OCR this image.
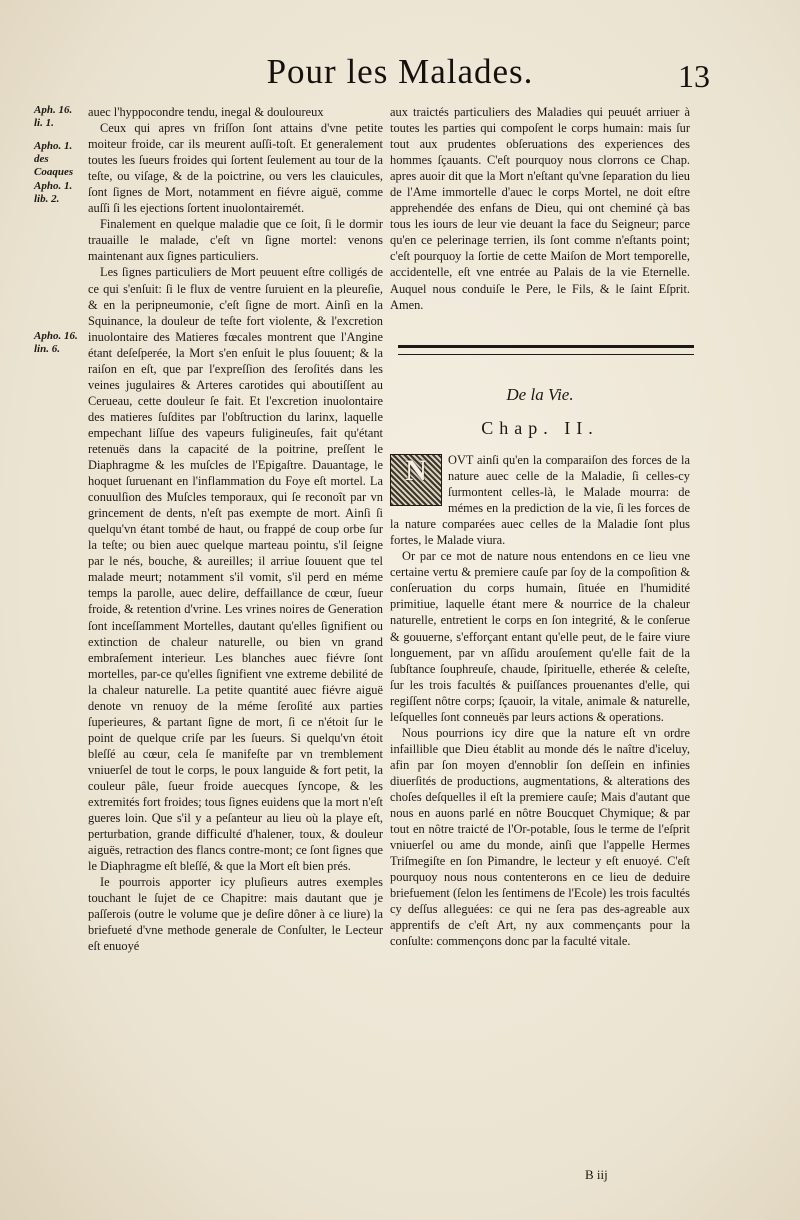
Pour les Malades.	13
Aph. 16.
li. 1.
Apho. 1.
des Coaques
Apho. 1.
lib. 2.
Apho. 16.
lin. 6.

auec l'hyppocondre tendu, inegal & douloureux

Ceux qui apres vn friſſon ſont attains d'vne petite moiteur froide, car ils meurent auſſi-toſt. Et generalement toutes les ſueurs froides qui ſortent ſeulement au tour de la teſte, ou viſage, & de la poictrine, ou vers les clauicules, ſont ſignes de Mort, notamment en fiévre aiguë, comme auſſi ſi les ejections ſortent inuolontairemét.

Finalement en quelque maladie que ce ſoit, ſi le dormir trauaille le malade, c'eſt vn ſigne mortel: venons maintenant aux ſignes particuliers.

Les ſignes particuliers de Mort peuuent eſtre colligés de ce qui s'enſuit: ſi le flux de ventre ſuruient en la pleureſie, & en la peripneumonie, c'eſt ſigne de mort. Ainſi en la Squinance, la douleur de teſte fort violente, & l'excretion inuolontaire des Matieres fœcales montrent que l'Angine étant deſeſperée, la Mort s'en enſuit le plus ſouuent; & la raiſon en eſt, que par l'expreſſion des ſeroſités dans les veines jugulaires & Arteres carotides qui aboutiſſent au Cerueau, cette douleur ſe fait. Et l'excretion inuolontaire des matieres ſuſdites par l'obſtruction du larinx, laquelle empechant liſſue des vapeurs fuligineuſes, fait qu'étant retenuës dans la capacité de la poitrine, preſſent le Diaphragme & les muſcles de l'Epigaſtre. Dauantage, le hoquet ſuruenant en l'inflammation du Foye eſt mortel. La conuulſion des Muſcles temporaux, qui ſe reconoît par vn grincement de dents, n'eſt pas exempte de mort. Ainſi ſi quelqu'vn étant tombé de haut, ou frappé de coup orbe ſur la teſte; ou bien auec quelque marteau pointu, s'il ſeigne par le nés, bouche, & aureilles; il arriue ſouuent que tel malade meurt; notamment s'il vomit, s'il perd en méme temps la parolle, auec delire, deffaillance de cœur, ſueur froide, & retention d'vrine. Les vrines noires de Generation ſont inceſſamment Mortelles, dautant qu'elles ſignifient ou extinction de chaleur naturelle, ou bien vn grand embraſement interieur. Les blanches auec fiévre ſont mortelles, par-ce qu'elles ſignifient vne extreme debilité de la chaleur naturelle. La petite quantité auec fiévre aiguë denote vn renuoy de la méme ſeroſité aux parties ſuperieures, & partant ſigne de mort, ſi ce n'étoit ſur le point de quelque criſe par les ſueurs. Si quelqu'vn étoit bleſſé au cœur, cela ſe manifeſte par vn tremblement vniuerſel de tout le corps, le poux languide & fort petit, la couleur pâle, ſueur froide auecques ſyncope, & les extremités fort froides; tous ſignes euidens que la mort n'eſt gueres loin. Que s'il y a peſanteur au lieu où la playe eſt, perturbation, grande difficulté d'halener, toux, & douleur aiguës, retraction des flancs contre-mont; ce ſont ſignes que le Diaphragme eſt bleſſé, & que la Mort eſt bien prés.

Ie pourrois apporter icy pluſieurs autres exemples touchant le ſujet de ce Chapitre: mais dautant que je paſſerois (outre le volume que je deſire dôner à ce liure) la briefueté d'vne methode generale de Conſulter, le Lecteur eſt enuoyé

aux traictés particuliers des Maladies qui peuuét arriuer à toutes les parties qui compoſent le corps humain: mais ſur tout aux prudentes obſeruations des experiences des hommes ſçauants. C'eſt pourquoy nous clorrons ce Chap. apres auoir dit que la Mort n'eſtant qu'vne ſeparation du lieu de l'Ame immortelle d'auec le corps Mortel, ne doit eſtre apprehendée des enfans de Dieu, qui ont cheminé çà bas tous les iours de leur vie deuant la face du Seigneur; parce qu'en ce pelerinage terrien, ils ſont comme n'eſtants point; c'eſt pourquoy la ſortie de cette Maiſon de Mort temporelle, accidentelle, eſt vne entrée au Palais de la vie Eternelle. Auquel nous conduiſe le Pere, le Fils, & le ſaint Eſprit. Amen.

De la Vie.
Chap. II.
N	OVT ainſi qu'en la comparaiſon des forces de la nature auec celle de la Maladie, ſi celles-cy ſurmontent celles-là, le Malade mourra: de mémes en la prediction de la vie, ſi les forces de la nature comparées auec celles de la Maladie ſont plus fortes, le Malade viura.

Or par ce mot de nature nous entendons en ce lieu vne certaine vertu & premiere cauſe par ſoy de la compoſition & conſeruation du corps humain, ſituée en l'humidité primitiue, laquelle étant mere & nourrice de la chaleur naturelle, entretient le corps en ſon integrité, & le conſerue & gouuerne, s'efforçant entant qu'elle peut, de le faire viure longuement, par vn aſſidu arouſement qu'elle fait de la ſubſtance ſouphreuſe, chaude, ſpirituelle, etherée & celeſte, ſur les trois facultés & puiſſances prouenantes d'elle, qui regiſſent nôtre corps; ſçauoir, la vitale, animale & naturelle, leſquelles ſont conneuës par leurs actions & operations.

Nous pourrions icy dire que la nature eſt vn ordre infaillible que Dieu établit au monde dés le naître d'iceluy, afin par ſon moyen d'ennoblir ſon deſſein en infinies diuerſités de productions, augmentations, & alterations des choſes deſquelles il eſt la premiere cauſe; Mais d'autant que nous en auons parlé en nôtre Boucquet Chymique; & par tout en nôtre traicté de l'Or-potable, ſous le terme de l'eſprit vniuerſel ou ame du monde, ainſi que l'appelle Hermes Triſmegiſte en ſon Pimandre, le lecteur y eſt enuoyé. C'eſt pourquoy nous nous contenterons en ce lieu de deduire briefuement (ſelon les ſentimens de l'Ecole) les trois facultés cy deſſus alleguées: ce qui ne ſera pas des-agreable aux apprentifs de c'eſt Art, ny aux commençants pour la conſulte: commençons donc par la faculté vitale.

B iij
